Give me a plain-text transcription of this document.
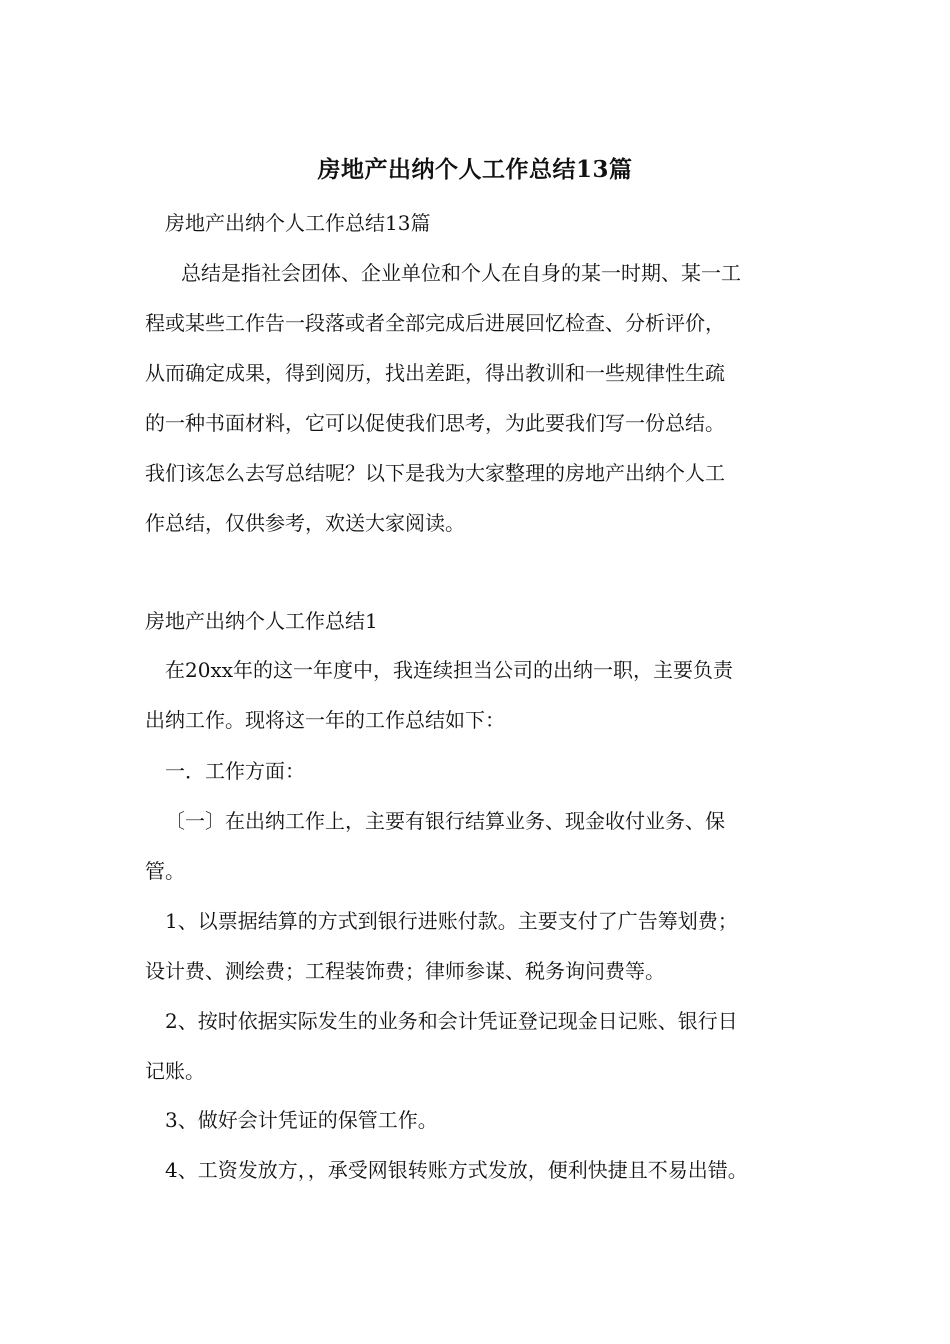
房地产出纳个人工作总结13篇
房地产出纳个人工作总结13篇
总结是指社会团体、企业单位和个人在自身的某一时期、某一工
程或某些工作告一段落或者全部完成后进展回忆检查、分析评价，
从而确定成果，得到阅历，找出差距，得出教训和一些规律性生疏
的一种书面材料，它可以促使我们思考，为此要我们写一份总结。
我们该怎么去写总结呢？以下是我为大家整理的房地产出纳个人工
作总结，仅供参考，欢送大家阅读。
房地产出纳个人工作总结1
在20xx年的这一年度中，我连续担当公司的出纳一职，主要负责
出纳工作。现将这一年的工作总结如下：
一．工作方面：
〔一〕在出纳工作上，主要有银行结算业务、现金收付业务、保
管。
1、以票据结算的方式到银行进账付款。主要支付了广告筹划费；
设计费、测绘费；工程装饰费；律师参谋、税务询问费等。
2、按时依据实际发生的业务和会计凭证登记现金日记账、银行日
记账。
3、做好会计凭证的保管工作。
4、工资发放方，，承受网银转账方式发放，便利快捷且不易出错。
